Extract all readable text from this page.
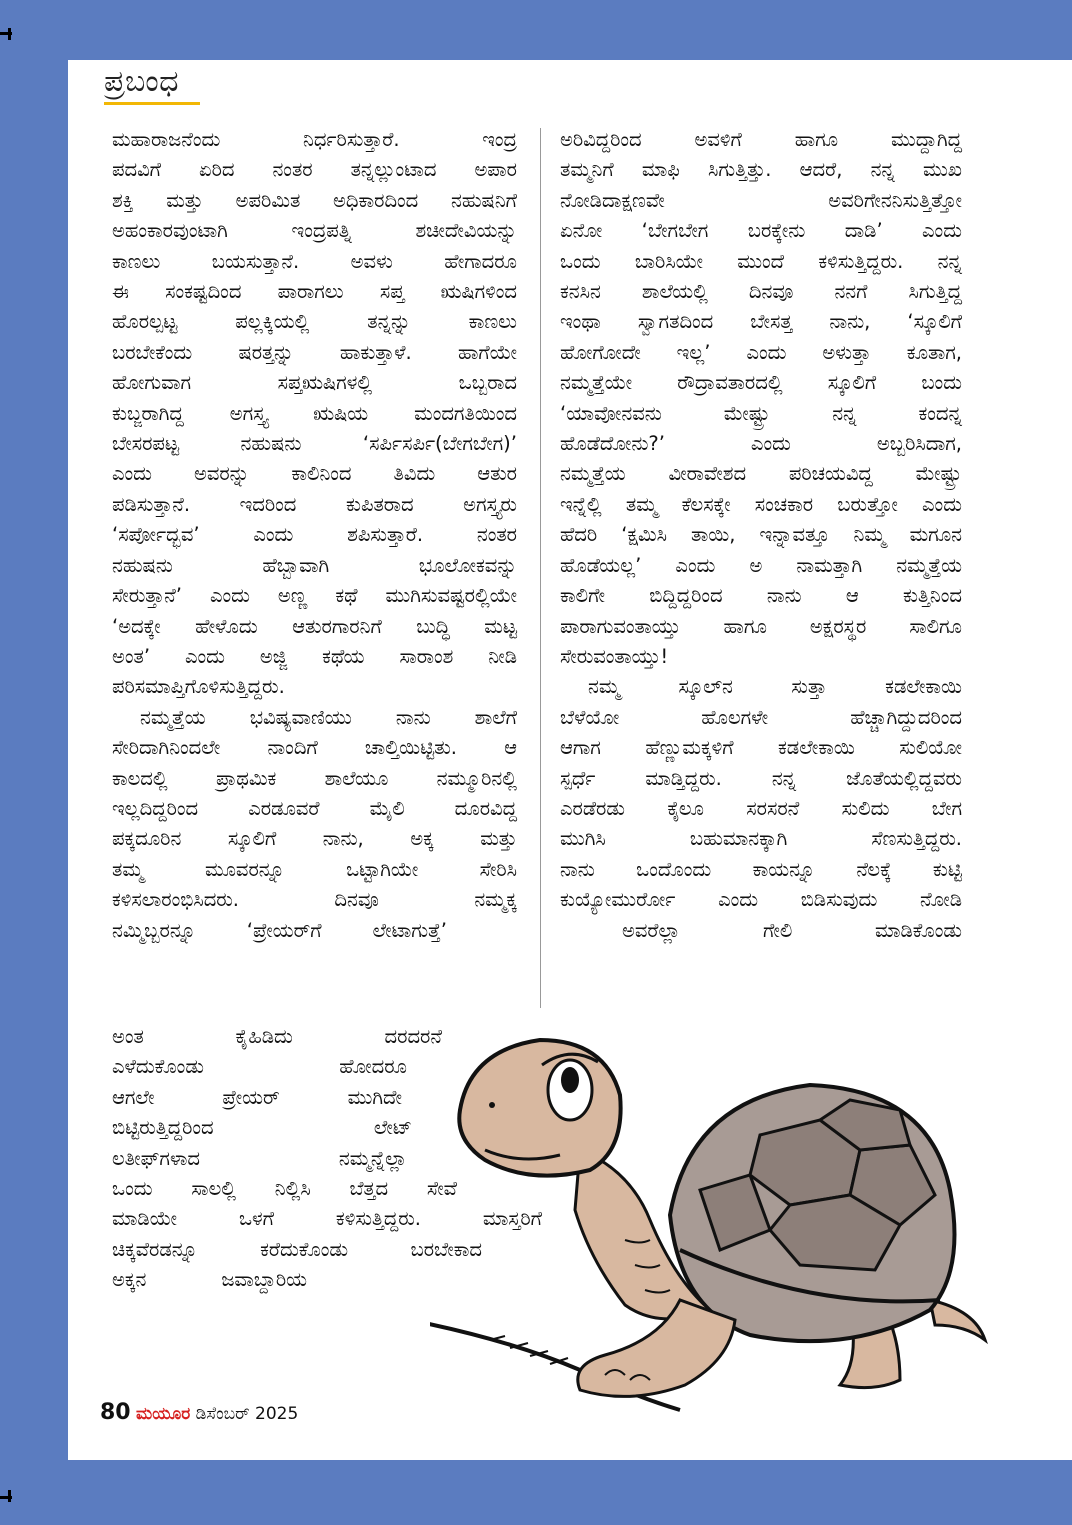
ಪ್ರಬಂಧ

ಮಹಾರಾಜನೆಂದು ನಿರ್ಧರಿಸುತ್ತಾರೆ. ಇಂದ್ರ

ಪದವಿಗೆ ಏರಿದ ನಂತರ ತನ್ನಲ್ಲುಂಟಾದ ಅಪಾರ

ಶಕ್ತಿ ಮತ್ತು ಅಪರಿಮಿತ ಅಧಿಕಾರದಿಂದ ನಹುಷನಿಗೆ

ಅಹಂಕಾರವುಂಟಾಗಿ ಇಂದ್ರಪತ್ನಿ ಶಚೀದೇವಿಯನ್ನು

ಕಾಣಲು ಬಯಸುತ್ತಾನೆ. ಅವಳು ಹೇಗಾದರೂ

ಈ ಸಂಕಷ್ಟದಿಂದ ಪಾರಾಗಲು ಸಪ್ತ ಋಷಿಗಳಿಂದ

ಹೊರಲ್ಪಟ್ಟ ಪಲ್ಲಕ್ಕಿಯಲ್ಲಿ ತನ್ನನ್ನು ಕಾಣಲು

ಬರಬೇಕೆಂದು ಷರತ್ತನ್ನು ಹಾಕುತ್ತಾಳೆ. ಹಾಗೆಯೇ

ಹೋಗುವಾಗ ಸಪ್ತಋಷಿಗಳಲ್ಲಿ ಒಬ್ಬರಾದ

ಕುಬ್ಜರಾಗಿದ್ದ ಅಗಸ್ತ್ಯ ಋಷಿಯ ಮಂದಗತಿಯಿಂದ

ಬೇಸರಪಟ್ಟ ನಹುಷನು ‘ಸರ್ಪಿಸರ್ಪಿ(ಬೇಗಬೇಗ)’

ಎಂದು ಅವರನ್ನು ಕಾಲಿನಿಂದ ತಿವಿದು ಆತುರ

ಪಡಿಸುತ್ತಾನೆ. ಇದರಿಂದ ಕುಪಿತರಾದ ಅಗಸ್ತ್ಯರು

‘ಸರ್ಪೋದ್ಭವ’ ಎಂದು ಶಪಿಸುತ್ತಾರೆ. ನಂತರ

ನಹುಷನು ಹೆಬ್ಬಾವಾಗಿ ಭೂಲೋಕವನ್ನು

ಸೇರುತ್ತಾನೆ’ ಎಂದು ಅಣ್ಣ ಕಥೆ ಮುಗಿಸುವಷ್ಟರಲ್ಲಿಯೇ

‘ಅದಕ್ಕೇ ಹೇಳೊದು ಆತುರಗಾರನಿಗೆ ಬುದ್ಧಿ ಮಟ್ಟ

ಅಂತ’ ಎಂದು ಅಜ್ಜಿ ಕಥೆಯ ಸಾರಾಂಶ ನೀಡಿ

ಪರಿಸಮಾಪ್ತಿಗೊಳಿಸುತ್ತಿದ್ದರು.

ನಮ್ಮತ್ತೆಯ ಭವಿಷ್ಯವಾಣಿಯು ನಾನು ಶಾಲೆಗೆ

ಸೇರಿದಾಗಿನಿಂದಲೇ ನಾಂದಿಗೆ ಚಾಲ್ತಿಯಿಟ್ಟಿತು. ಆ

ಕಾಲದಲ್ಲಿ ಪ್ರಾಥಮಿಕ ಶಾಲೆಯೂ ನಮ್ಮೂರಿನಲ್ಲಿ

ಇಲ್ಲದಿದ್ದರಿಂದ ಎರಡೂವರೆ ಮೈಲಿ ದೂರವಿದ್ದ

ಪಕ್ಕದೂರಿನ ಸ್ಕೂಲಿಗೆ ನಾನು, ಅಕ್ಕ ಮತ್ತು

ತಮ್ಮ ಮೂವರನ್ನೂ ಒಟ್ಟಾಗಿಯೇ ಸೇರಿಸಿ

ಕಳಿಸಲಾರಂಭಿಸಿದರು. ದಿನವೂ ನಮ್ಮಕ್ಕ

ನಮ್ಮಿಬ್ಬರನ್ನೂ ‘ಪ್ರೇಯರ್‌ಗೆ ಲೇಟಾಗುತ್ತೆ’

ಅಂತ ಕೈಹಿಡಿದು ದರದರನೆ

ಎಳೆದುಕೊಂಡು ಹೋದರೂ

ಆಗಲೇ ಪ್ರೇಯರ್ ಮುಗಿದೇ

ಬಿಟ್ಟಿರುತ್ತಿದ್ದರಿಂದ ಲೇಟ್

ಲತೀಫ್‌ಗಳಾದ ನಮ್ಮನ್ನೆಲ್ಲಾ

ಒಂದು ಸಾಲಲ್ಲಿ ನಿಲ್ಲಿಸಿ ಬೆತ್ತದ ಸೇವೆ

ಮಾಡಿಯೇ ಒಳಗೆ ಕಳಿಸುತ್ತಿದ್ದರು. ಮಾಸ್ತರಿಗೆ

ಚಿಕ್ಕವೆರಡನ್ನೂ ಕರೆದುಕೊಂಡು ಬರಬೇಕಾದ

ಅಕ್ಕನ ಜವಾಬ್ದಾರಿಯ

ಅರಿವಿದ್ದರಿಂದ ಅವಳಿಗೆ ಹಾಗೂ ಮುದ್ದಾಗಿದ್ದ

ತಮ್ಮನಿಗೆ ಮಾಫಿ ಸಿಗುತ್ತಿತ್ತು. ಆದರೆ, ನನ್ನ ಮುಖ

ನೋಡಿದಾಕ್ಷಣವೇ ಅವರಿಗೇನನಿಸುತ್ತಿತ್ತೋ

ಏನೋ ‘ಬೇಗಬೇಗ ಬರಕ್ಕೇನು ದಾಡಿ’ ಎಂದು

ಒಂದು ಬಾರಿಸಿಯೇ ಮುಂದೆ ಕಳಿಸುತ್ತಿದ್ದರು. ನನ್ನ

ಕನಸಿನ ಶಾಲೆಯಲ್ಲಿ ದಿನವೂ ನನಗೆ ಸಿಗುತ್ತಿದ್ದ

ಇಂಥಾ ಸ್ವಾಗತದಿಂದ ಬೇಸತ್ತ ನಾನು, ‘ಸ್ಕೂಲಿಗೆ

ಹೋಗೋದೇ ಇಲ್ಲ’ ಎಂದು ಅಳುತ್ತಾ ಕೂತಾಗ,

ನಮ್ಮತ್ತೆಯೇ ರೌದ್ರಾವತಾರದಲ್ಲಿ ಸ್ಕೂಲಿಗೆ ಬಂದು

‘ಯಾವೋನವನು ಮೇಷ್ಟ್ರು ನನ್ನ ಕಂದನ್ನ

ಹೊಡೆದೋನು?’ ಎಂದು ಅಬ್ಬರಿಸಿದಾಗ,

ನಮ್ಮತ್ತೆಯ ವೀರಾವೇಶದ ಪರಿಚಯವಿದ್ದ ಮೇಷ್ಟ್ರು

ಇನ್ನೆಲ್ಲಿ ತಮ್ಮ ಕೆಲಸಕ್ಕೇ ಸಂಚಕಾರ ಬರುತ್ತೋ ಎಂದು

ಹೆದರಿ ‘ಕ್ಷಮಿಸಿ ತಾಯಿ, ಇನ್ನಾವತ್ತೂ ನಿಮ್ಮ ಮಗೂನ

ಹೊಡೆಯಲ್ಲ’ ಎಂದು ಅ ನಾಮತ್ತಾಗಿ ನಮ್ಮತ್ತೆಯ

ಕಾಲಿಗೇ ಬಿದ್ದಿದ್ದರಿಂದ ನಾನು ಆ ಕುತ್ತಿನಿಂದ

ಪಾರಾಗುವಂತಾಯ್ತು ಹಾಗೂ ಅಕ್ಷರಸ್ಥರ ಸಾಲಿಗೂ

ಸೇರುವಂತಾಯ್ತು!

ನಮ್ಮ ಸ್ಕೂಲ್‌ನ ಸುತ್ತಾ ಕಡಲೇಕಾಯಿ

ಬೆಳೆಯೋ ಹೊಲಗಳೇ ಹೆಚ್ಚಾಗಿದ್ದುದರಿಂದ

ಆಗಾಗ ಹೆಣ್ಣುಮಕ್ಕಳಿಗೆ ಕಡಲೇಕಾಯಿ ಸುಲಿಯೋ

ಸ್ಪರ್ಧೆ ಮಾಡ್ತಿದ್ದರು. ನನ್ನ ಜೊತೆಯಲ್ಲಿದ್ದವರು

ಎರಡೆರಡು ಕೈಲೂ ಸರಸರನೆ ಸುಲಿದು ಬೇಗ

ಮುಗಿಸಿ ಬಹುಮಾನಕ್ಕಾಗಿ ಸೆಣಸುತ್ತಿದ್ದರು.

ನಾನು ಒಂದೊಂದು ಕಾಯನ್ನೂ ನೆಲಕ್ಕೆ ಕುಟ್ಟಿ

ಕುಯ್ಯೋಮುರ್ರೋ ಎಂದು ಬಿಡಿಸುವುದು ನೋಡಿ

ಅವರೆಲ್ಲಾ ಗೇಲಿ ಮಾಡಿಕೊಂಡು

80 ಮಯೂರ ಡಿಸೆಂಬರ್ 2025
